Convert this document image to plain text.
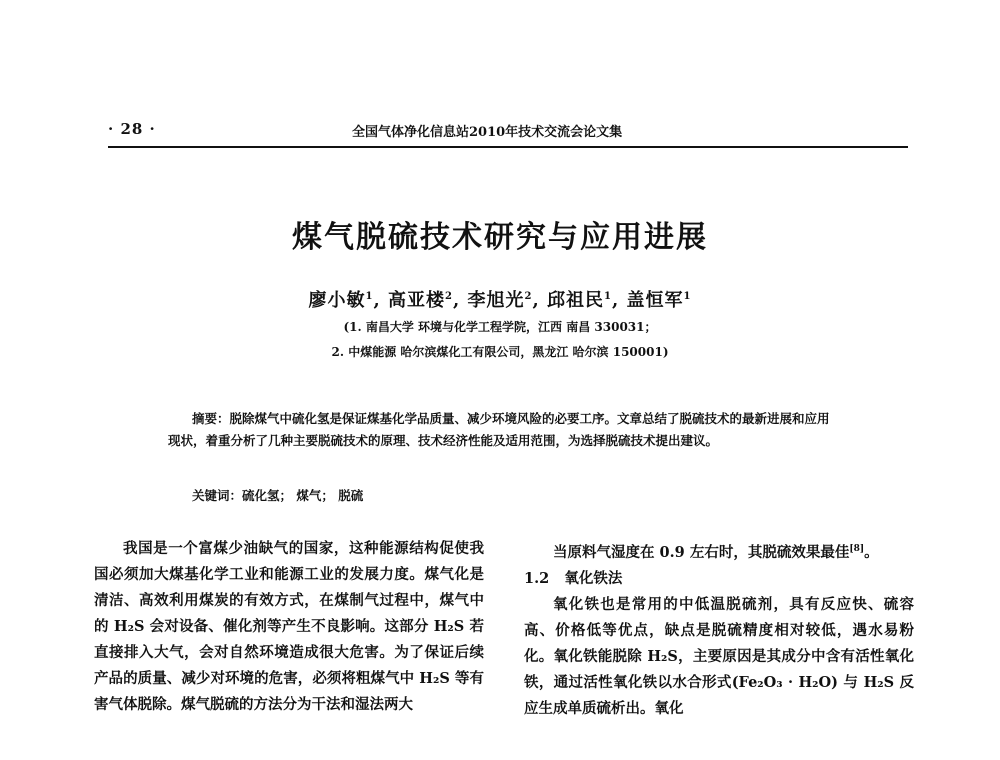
· 28 ·	全国气体净化信息站2010年技术交流会论文集
煤气脱硫技术研究与应用进展
廖小敏$^1$, 高亚楼$^2$, 李旭光$^2$, 邱祖民$^1$, 盖恒军$^1$
(1. 南昌大学 环境与化学工程学院，江西 南昌 330031；
2. 中煤能源 哈尔滨煤化工有限公司，黑龙江 哈尔滨 150001)
摘要：脱除煤气中硫化氢是保证煤基化学品质量、减少环境风险的必要工序。文章总结了脱硫技术的最新进展和应用现状，着重分析了几种主要脱硫技术的原理、技术经济性能及适用范围，为选择脱硫技术提出建议。
关键词：硫化氢； 煤气； 脱硫

我国是一个富煤少油缺气的国家，这种能源结构促使我国必须加大煤基化学工业和能源工业的发展力度。煤气化是清洁、高效利用煤炭的有效方式，在煤制气过程中，煤气中的 H₂S 会对设备、催化剂等产生不良影响。这部分 H₂S 若直接排入大气，会对自然环境造成很大危害。为了保证后续产品的质量、减少对环境的危害，必须将粗煤气中 H₂S 等有害气体脱除。煤气脱硫的方法分为干法和湿法两大

当原料气湿度在 0.9 左右时，其脱硫效果最佳[8]。

1.2 氧化铁法

氧化铁也是常用的中低温脱硫剂，具有反应快、硫容高、价格低等优点，缺点是脱硫精度相对较低，遇水易粉化。氧化铁能脱除 H₂S，主要原因是其成分中含有活性氧化铁，通过活性氧化铁以水合形式(Fe₂O₃ · H₂O) 与 H₂S 反应生成单质硫析出。氧化
